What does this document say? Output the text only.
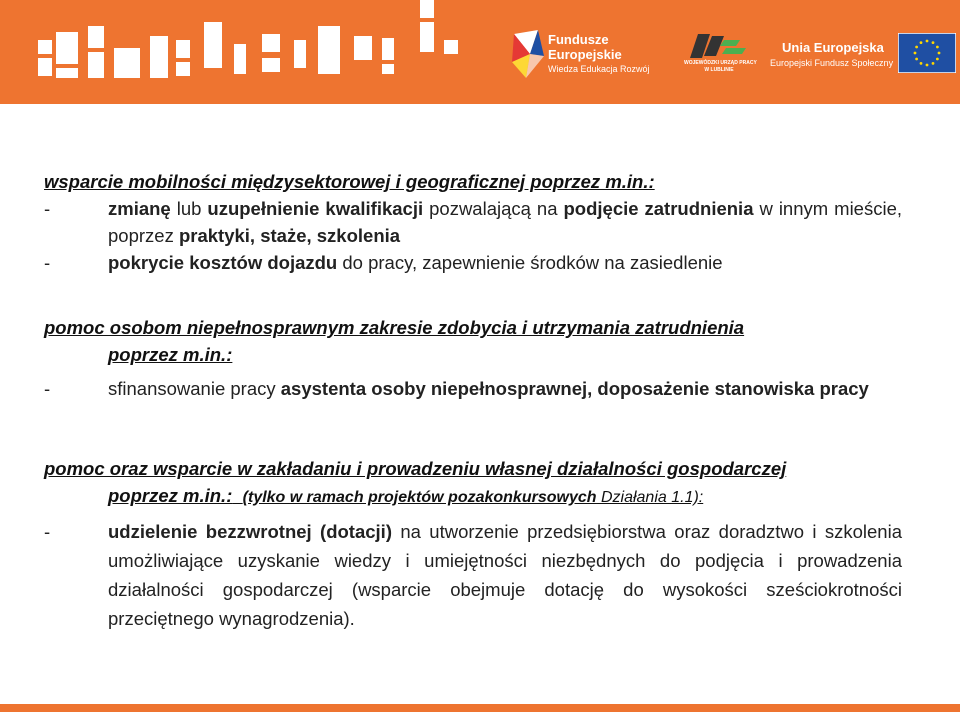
Fundusze
Europejskie
Wiedza Edukacja Rozwój
WOJEWÓDZKI URZĄD PRACY
W LUBLINIE
Unia Europejska
Europejski Fundusz Społeczny
wsparcie mobilności międzysektorowej i geograficznej poprzez m.in.:
-	zmianę lub uzupełnienie kwalifikacji pozwalającą na podjęcie zatrudnienia w innym mieście, poprzez praktyki, staże, szkolenia
-	pokrycie kosztów dojazdu do pracy, zapewnienie środków na zasiedlenie
pomoc osobom niepełnosprawnym zakresie zdobycia i utrzymania zatrudnienia
poprzez m.in.:
-	sfinansowanie pracy asystenta osoby niepełnosprawnej, doposażenie stanowiska pracy
pomoc oraz wsparcie w zakładaniu i prowadzeniu własnej działalności gospodarczej
poprzez m.in.: (tylko w ramach projektów pozakonkursowych Działania 1.1):
-	udzielenie bezzwrotnej (dotacji) na utworzenie przedsiębiorstwa oraz doradztwo i szkolenia umożliwiające uzyskanie wiedzy i umiejętności niezbędnych do podjęcia i prowadzenia działalności gospodarczej (wsparcie obejmuje dotację do wysokości sześciokrotności przeciętnego wynagrodzenia).
